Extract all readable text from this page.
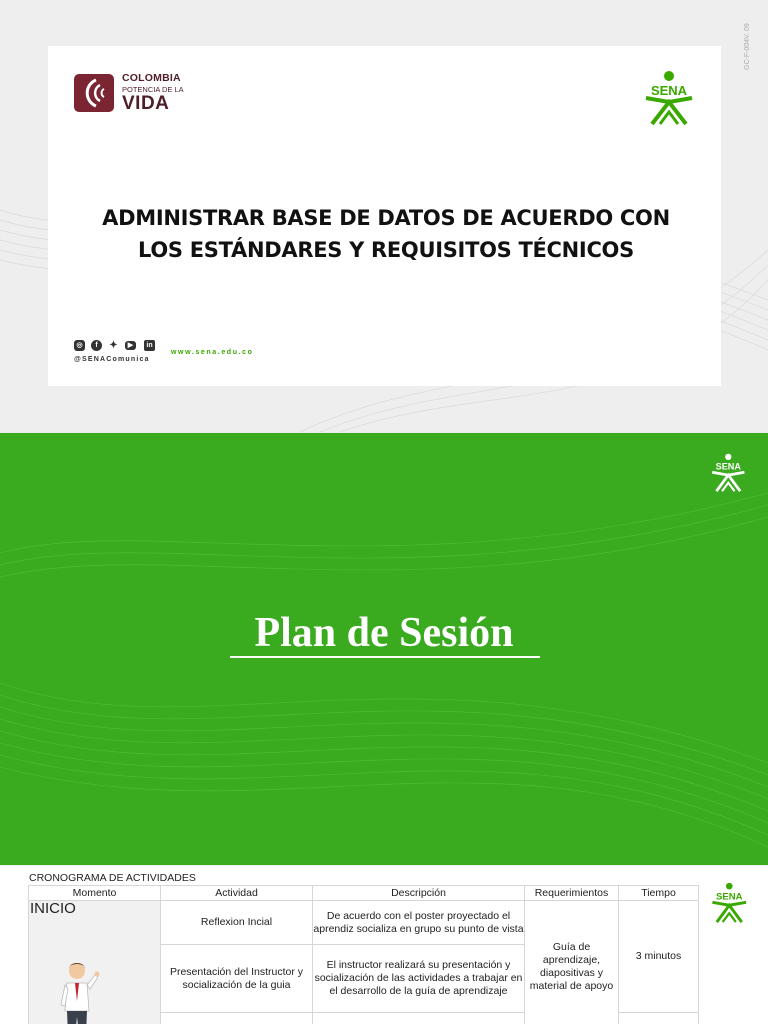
GC-F-004V. 09
COLOMBIA
POTENCIA DE LA
VIDA
SENA
ADMINISTRAR BASE DE DATOS DE ACUERDO CON
LOS ESTÁNDARES Y REQUISITOS TÉCNICOS
◎	f	✦	▶	in
@SENAComunica
www.sena.edu.co
SENA
Plan de Sesión
CRONOGRAMA DE ACTIVIDADES
Momento	Actividad	Descripción	Requerimientos	Tiempo

INICIO	Reflexion Incial	De acuerdo con el poster proyectado el aprendiz socializa en grupo su punto de vista	Guía de aprendizaje, diapositivas y material de apoyo	3 minutos
	Presentación del Instructor y socialización de la guia	El instructor realizará su presentación y socialización de las actividades a trabajar en el desarrollo de la guía de aprendizaje		

SENA
